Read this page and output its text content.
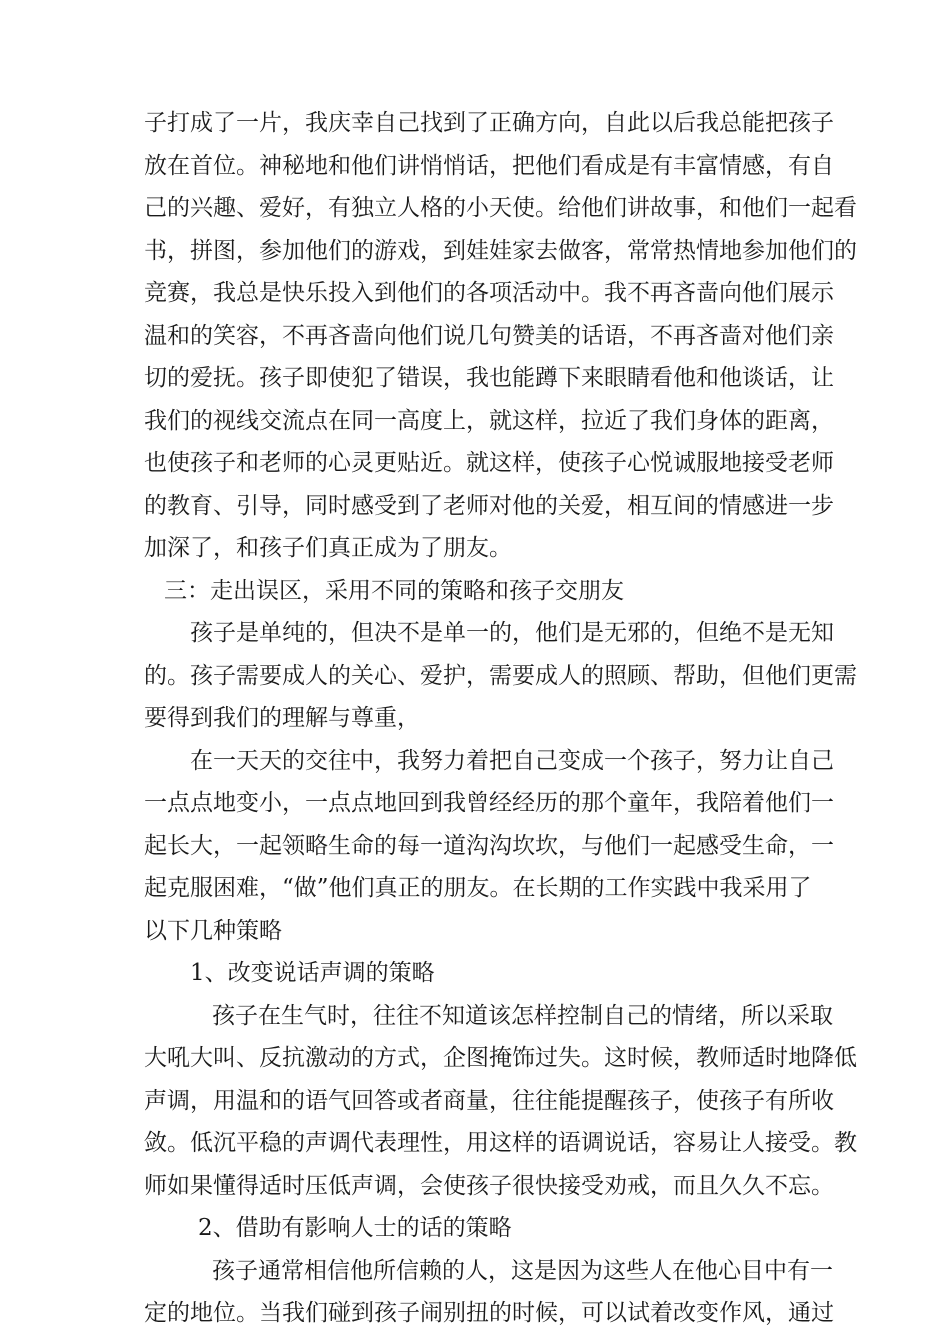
子打成了一片，我庆幸自己找到了正确方向，自此以后我总能把孩子
放在首位。神秘地和他们讲悄悄话，把他们看成是有丰富情感，有自
己的兴趣、爱好，有独立人格的小天使。给他们讲故事，和他们一起看
书，拼图，参加他们的游戏，到娃娃家去做客，常常热情地参加他们的
竞赛，我总是快乐投入到他们的各项活动中。我不再吝啬向他们展示
温和的笑容，不再吝啬向他们说几句赞美的话语，不再吝啬对他们亲
切的爱抚。孩子即使犯了错误，我也能蹲下来眼睛看他和他谈话，让
我们的视线交流点在同一高度上，就这样，拉近了我们身体的距离，
也使孩子和老师的心灵更贴近。就这样，使孩子心悦诚服地接受老师
的教育、引导，同时感受到了老师对他的关爱，相互间的情感进一步
加深了，和孩子们真正成为了朋友。
三：走出误区，采用不同的策略和孩子交朋友
孩子是单纯的，但决不是单一的，他们是无邪的，但绝不是无知
的。孩子需要成人的关心、爱护，需要成人的照顾、帮助，但他们更需
要得到我们的理解与尊重，
在一天天的交往中，我努力着把自己变成一个孩子，努力让自己
一点点地变小，一点点地回到我曾经经历的那个童年，我陪着他们一
起长大，一起领略生命的每一道沟沟坎坎，与他们一起感受生命，一
起克服困难，“做”他们真正的朋友。在长期的工作实践中我采用了
以下几种策略
1、改变说话声调的策略
孩子在生气时，往往不知道该怎样控制自己的情绪，所以采取
大吼大叫、反抗激动的方式，企图掩饰过失。这时候，教师适时地降低
声调，用温和的语气回答或者商量，往往能提醒孩子，使孩子有所收
敛。低沉平稳的声调代表理性，用这样的语调说话，容易让人接受。教
师如果懂得适时压低声调，会使孩子很快接受劝戒，而且久久不忘。
2、借助有影响人士的话的策略
孩子通常相信他所信赖的人，这是因为这些人在他心目中有一
定的地位。当我们碰到孩子闹别扭的时候，可以试着改变作风，通过
